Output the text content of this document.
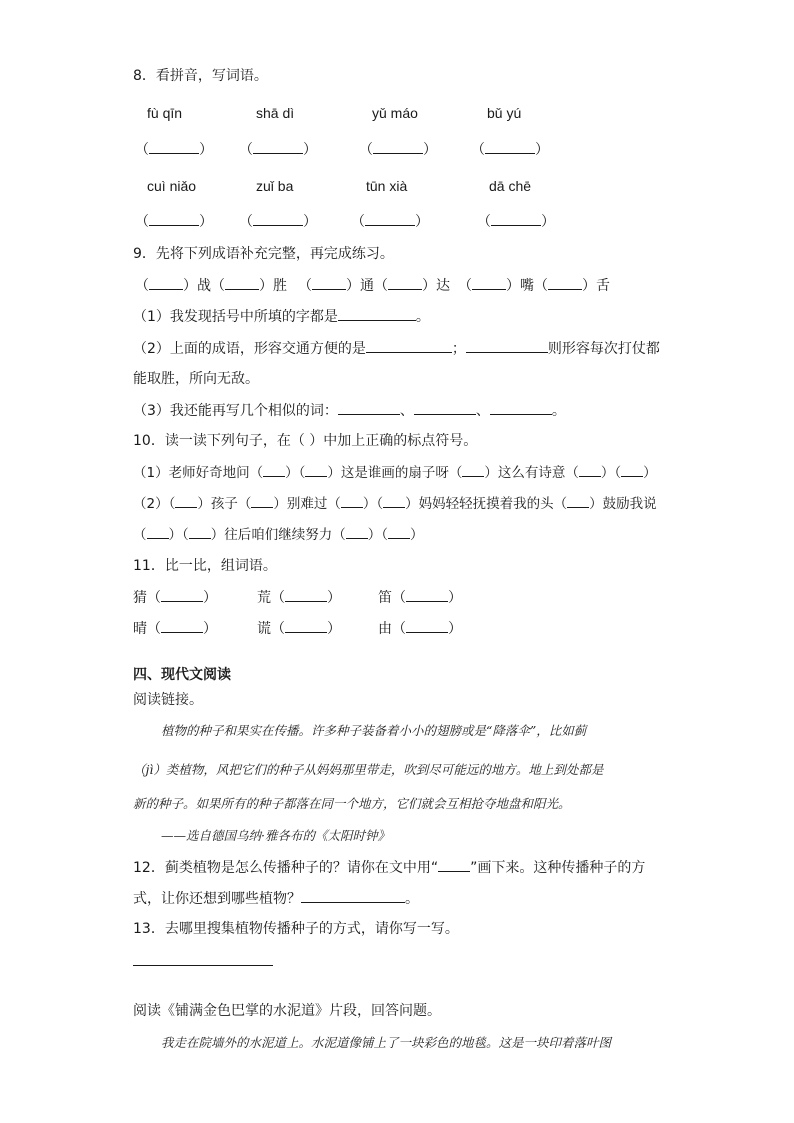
8．看拼音，写词语。
fù qīn	shā dì	yǔ máo	bǔ yú
（	） （	）	（	） （	）
cuì niǎo	zuǐ ba	tūn xià	dā chē
（	） （	） （	）	（	）
9．先将下列成语补充完整，再完成练习。
（ ）战（ ）胜 （ ）通（ ）达 （ ）嘴（ ）舌
（1）我发现括号中所填的字都是	。
（2）上面的成语，形容交通方便的是	；	则形容每次打仗都
能取胜，所向无敌。
（3）我还能再写几个相似的词：	、	、	。
10．读一读下列句子，在（ ）中加上正确的标点符号。
（1）老师好奇地问（ ）（ ）这是谁画的扇子呀（ ）这么有诗意（ ）（ ）
（2）（ ）孩子（ ）别难过（ ）（ ）妈妈轻轻抚摸着我的头（ ）鼓励我说
（ ）（ ）往后咱们继续努力（ ）（ ）
11．比一比，组词语。
猜（	）	荒（	）	笛（	）
晴（	）	谎（	）	由（	）
四、现代文阅读
阅读链接。
植物的种子和果实在传播。许多种子装备着小小的翅膀或是“降落伞”，比如蓟
（jì）类植物，风把它们的种子从妈妈那里带走，吹到尽可能远的地方。地上到处都是
新的种子。如果所有的种子都落在同一个地方，它们就会互相抢夺地盘和阳光。
——选自德国乌纳·雅各布的《太阳时钟》
12．蓟类植物是怎么传播种子的？请你在文中用“ ”画下来。这种传播种子的方
式，让你还想到哪些植物？	。
13．去哪里搜集植物传播种子的方式，请你写一写。
阅读《铺满金色巴掌的水泥道》片段，回答问题。
我走在院墙外的水泥道上。水泥道像铺上了一块彩色的地毯。这是一块印着落叶图
